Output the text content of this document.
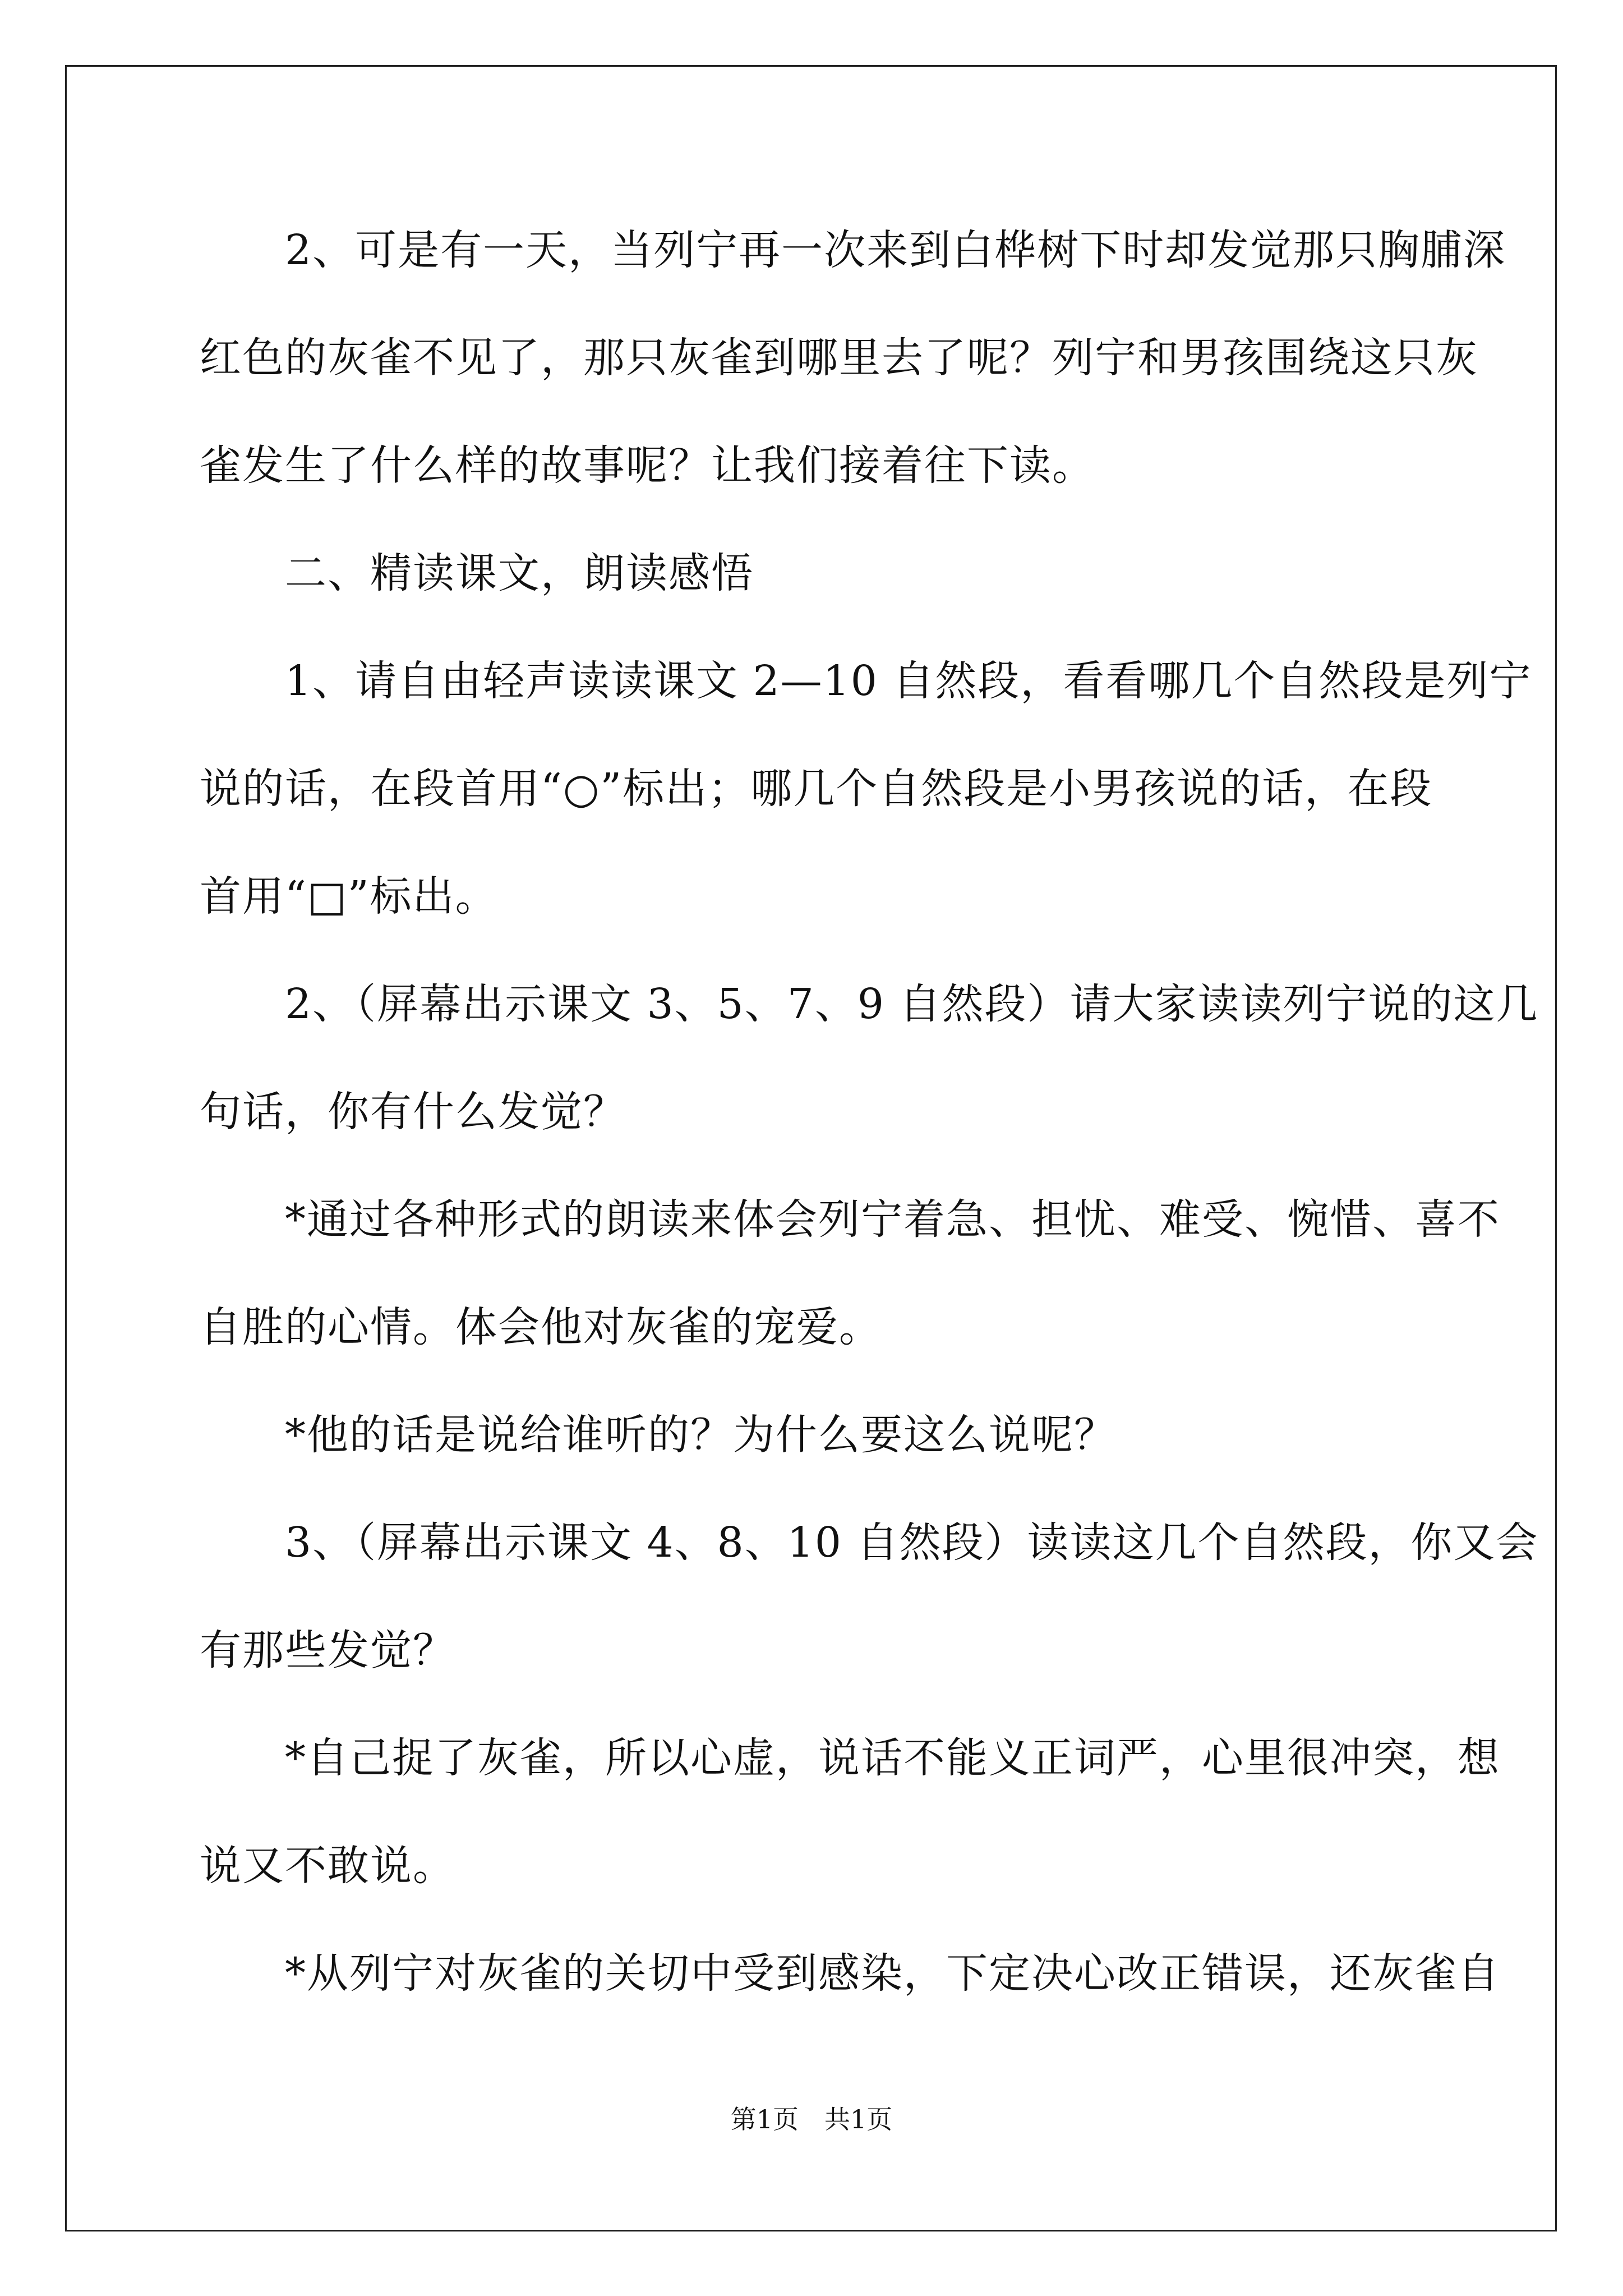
　　2、可是有一天，当列宁再一次来到白桦树下时却发觉那只胸脯深
红色的灰雀不见了，那只灰雀到哪里去了呢？列宁和男孩围绕这只灰
雀发生了什么样的故事呢？让我们接着往下读。
　　二、精读课文，朗读感悟
　　1、请自由轻声读读课文 2—10 自然段，看看哪几个自然段是列宁
说的话，在段首用“○”标出；哪几个自然段是小男孩说的话，在段
首用“□”标出。
　　2、（屏幕出示课文 3、5、7、9 自然段）请大家读读列宁说的这几
句话，你有什么发觉？
　　*通过各种形式的朗读来体会列宁着急、担忧、难受、惋惜、喜不
自胜的心情。体会他对灰雀的宠爱。
　　*他的话是说给谁听的？为什么要这么说呢？
　　3、（屏幕出示课文 4、8、10 自然段）读读这几个自然段，你又会
有那些发觉？
　　*自己捉了灰雀，所以心虚，说话不能义正词严，心里很冲突，想
说又不敢说。
　　*从列宁对灰雀的关切中受到感染，下定决心改正错误，还灰雀自
第1页　共1页
